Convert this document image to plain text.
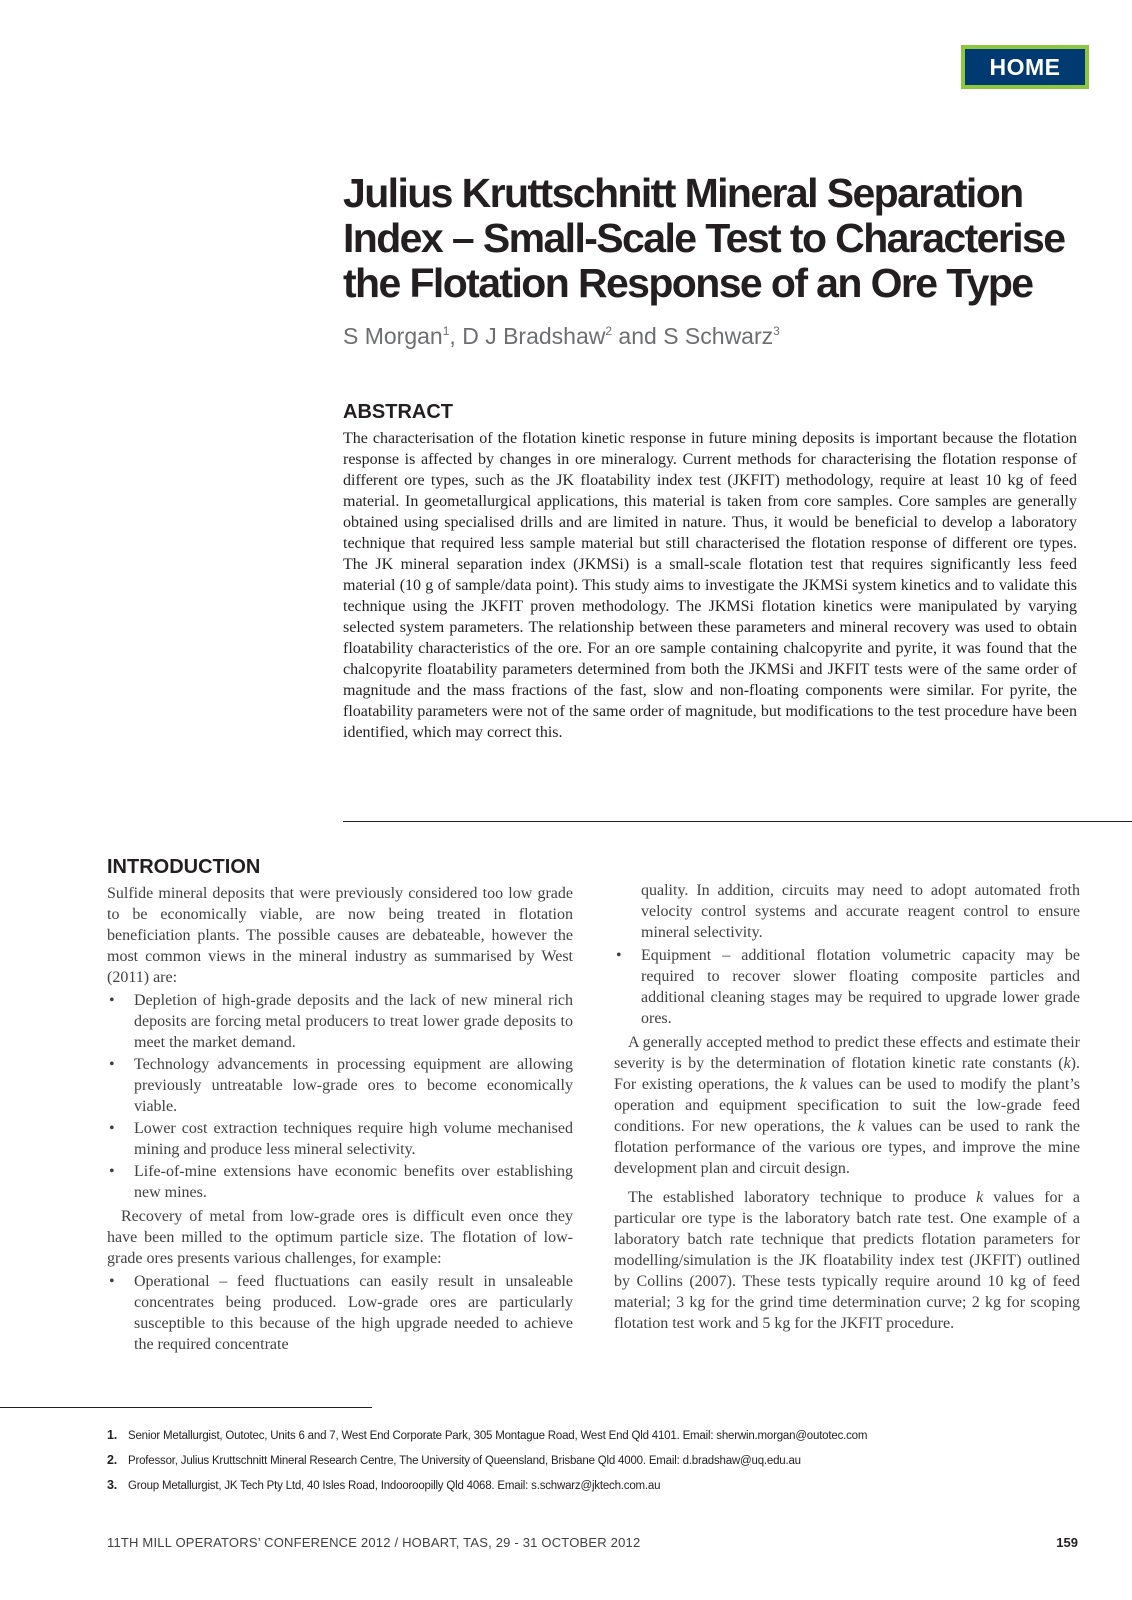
HOME
Julius Kruttschnitt Mineral Separation
Index – Small-Scale Test to Characterise
the Flotation Response of an Ore Type

S Morgan$^1$, D J Bradshaw$^2$ and S Schwarz$^3$

ABSTRACT

The characterisation of the flotation kinetic response in future mining deposits is important because the flotation response is affected by changes in ore mineralogy. Current methods for characterising the flotation response of different ore types, such as the JK floatability index test (JKFIT) methodology, require at least 10 kg of feed material. In geometallurgical applications, this material is taken from core samples. Core samples are generally obtained using specialised drills and are limited in nature. Thus, it would be beneficial to develop a laboratory technique that required less sample material but still characterised the flotation response of different ore types. The JK mineral separation index (JKMSi) is a small-scale flotation test that requires significantly less feed material (10 g of sample/data point). This study aims to investigate the JKMSi system kinetics and to validate this technique using the JKFIT proven methodology. The JKMSi flotation kinetics were manipulated by varying selected system parameters. The relationship between these parameters and mineral recovery was used to obtain floatability characteristics of the ore. For an ore sample containing chalcopyrite and pyrite, it was found that the chalcopyrite floatability parameters determined from both the JKMSi and JKFIT tests were of the same order of magnitude and the mass fractions of the fast, slow and non-floating components were similar. For pyrite, the floatability parameters were not of the same order of magnitude, but modifications to the test procedure have been identified, which may correct this.

INTRODUCTION

Sulfide mineral deposits that were previously considered too low grade to be economically viable, are now being treated in flotation beneficiation plants. The possible causes are debateable, however the most common views in the mineral industry as summarised by West (2011) are:

• Depletion of high-grade deposits and the lack of new mineral rich deposits are forcing metal producers to treat lower grade deposits to meet the market demand.
• Technology advancements in processing equipment are allowing previously untreatable low-grade ores to become economically viable.
• Lower cost extraction techniques require high volume mechanised mining and produce less mineral selectivity.
• Life-of-mine extensions have economic benefits over establishing new mines.

Recovery of metal from low-grade ores is difficult even once they have been milled to the optimum particle size. The flotation of low-grade ores presents various challenges, for example:

• Operational – feed fluctuations can easily result in unsaleable concentrates being produced. Low-grade ores are particularly susceptible to this because of the high upgrade needed to achieve the required concentrate

quality. In addition, circuits may need to adopt automated froth velocity control systems and accurate reagent control to ensure mineral selectivity.

• Equipment – additional flotation volumetric capacity may be required to recover slower floating composite particles and additional cleaning stages may be required to upgrade lower grade ores.

A generally accepted method to predict these effects and estimate their severity is by the determination of flotation kinetic rate constants (k). For existing operations, the k values can be used to modify the plant’s operation and equipment specification to suit the low-grade feed conditions. For new operations, the k values can be used to rank the flotation performance of the various ore types, and improve the mine development plan and circuit design.

The established laboratory technique to produce k values for a particular ore type is the laboratory batch rate test. One example of a laboratory batch rate technique that predicts flotation parameters for modelling/simulation is the JK floatability index test (JKFIT) outlined by Collins (2007). These tests typically require around 10 kg of feed material; 3 kg for the grind time determination curve; 2 kg for scoping flotation test work and 5 kg for the JKFIT procedure.

1. Senior Metallurgist, Outotec, Units 6 and 7, West End Corporate Park, 305 Montague Road, West End Qld 4101. Email: sherwin.morgan@outotec.com

2. Professor, Julius Kruttschnitt Mineral Research Centre, The University of Queensland, Brisbane Qld 4000. Email: d.bradshaw@uq.edu.au

3. Group Metallurgist, JK Tech Pty Ltd, 40 Isles Road, Indooroopilly Qld 4068. Email: s.schwarz@jktech.com.au

11TH MILL OPERATORS’ CONFERENCE 2012 / HOBART, TAS, 29 - 31 OCTOBER 2012	159
